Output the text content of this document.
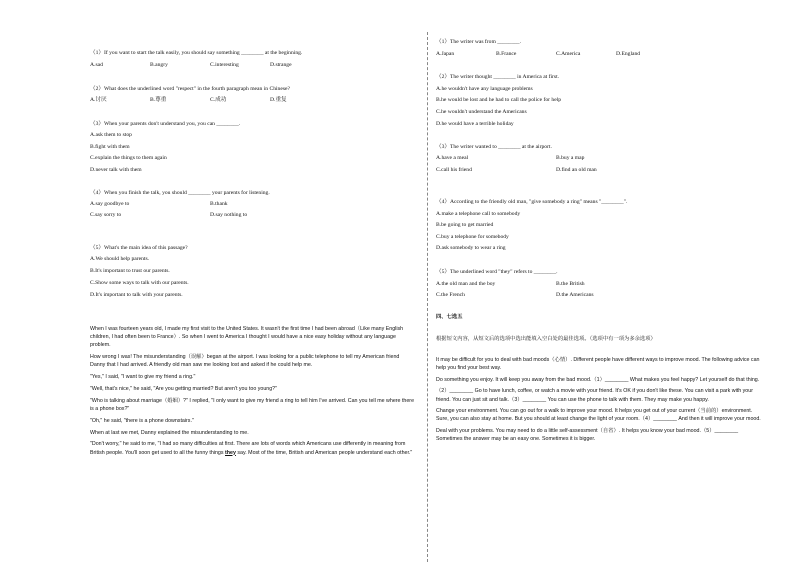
（1）If you want to start the talk easily, you should say something ________ at the beginning.
A.sad	B.angry	C.interesting	D.strange
（2）What does the underlined word "respect" in the fourth paragraph mean in Chinese?
A.讨厌	B.尊重	C.成功	D.重复
（3）When your parents don't understand you, you can ________.
A.ask them to stop
B.fight with them
C.explain the things to them again
D.never talk with them
（4）When you finish the talk, you should ________ your parents for listening.
A.say goodbye to	B.thank
C.say sorry to	D.say nothing to
（5）What's the main idea of this passage?
A.We should help parents.
B.It's important to trust our parents.
C.Show some ways to talk with our parents.
D.It's important to talk with your parents.

When I was fourteen years old, I made my first visit to the United States. It wasn't the first time I had been abroad（Like many English children, I had often been to France）. So when I went to America I thought I would have a nice easy holiday without any language problem.

How wrong I was! The misunderstanding（误解）began at the airport. I was looking for a public telephone to tell my American friend Danny that I had arrived. A friendly old man saw me looking lost and asked if he could help me.

"Yes," I said, "I want to give my friend a ring."

"Well, that's nice," he said, "Are you getting married? But aren't you too young?"

"Who is talking about marriage（婚姻）?" I replied, "I only want to give my friend a ring to tell him I've arrived. Can you tell me where there is a phone box?"

"Oh," he said, "there is a phone downstairs."

When at last we met, Danny explained the misunderstanding to me.

"Don't worry," he said to me, "I had so many difficulties at first. There are lots of words which Americans use differently in meaning from British people. You'll soon get used to all the funny things they say. Most of the time, British and American people understand each other."

（1）The writer was from ________.
A.Japan	B.France	C.America	D.England
（2）The writer thought ________ in America at first.
A.he wouldn't have any language problems
B.he would be lost and he had to call the police for help
C.he wouldn't understand the Americans
D.he would have a terrible holiday
（3）The writer wanted to ________ at the airport.
A.have a meal	B.buy a map
C.call his friend	D.find an old man
（4）According to the friendly old man, "give somebody a ring" means "________".
A.make a telephone call to somebody
B.be going to get married
C.buy a telephone for somebody
D.ask somebody to wear a ring
（5）The underlined word "they" refers to ________.
A.the old man and the boy	B.the British
C.the French	D.the Americans
四、七选五
根据短文内容，从短文后的选项中选出能填入空白处的最佳选项。（选项中有一项为多余选项）

It may be difficult for you to deal with bad moods（心情）. Different people have different ways to improve mood. The following advice can help you find your best way.

Do something you enjoy. It will keep you away from the bad mood.（1）________ What makes you feel happy? Let yourself do that thing.

（2）________ Go to have lunch, coffee, or watch a movie with your friend. It's OK if you don't like these. You can visit a park with your friend. You can just sit and talk.（3）________ You can use the phone to talk with them. They may make you happy.

Change your environment. You can go out for a walk to improve your mood. It helps you get out of your current（当前的）environment. Sure, you can also stay at home. But you should at least change the light of your room.（4）________ And then it will improve your mood.

Deal with your problems. You may need to do a little self-assessment（自省）. It helps you know your bad mood.（5）________ Sometimes the answer may be an easy one. Sometimes it is bigger.
